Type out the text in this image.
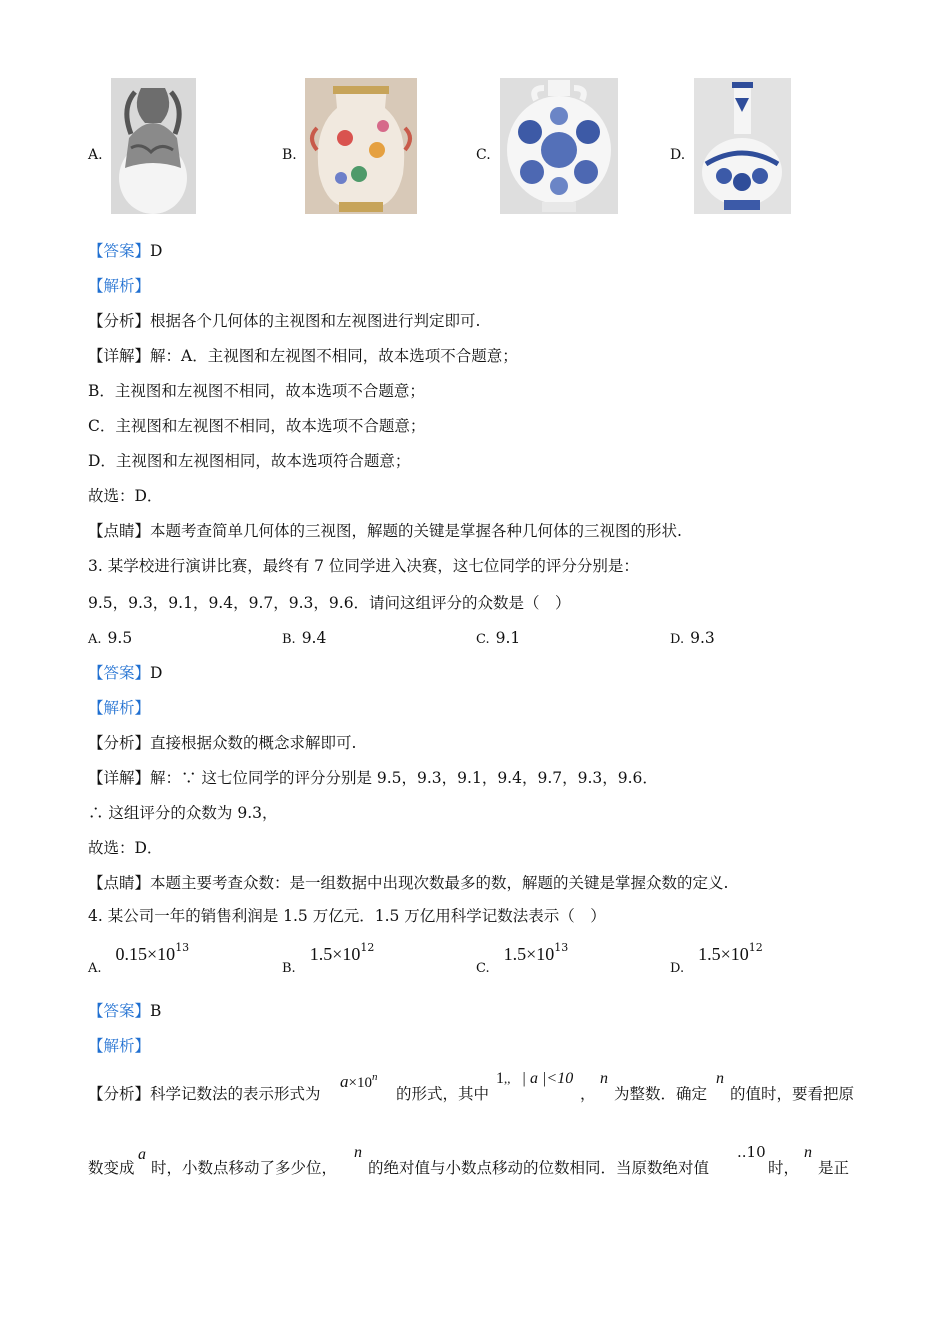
A.	B.	C.	D.
【答案】D
【解析】
【分析】根据各个几何体的主视图和左视图进行判定即可.
【详解】解：A．主视图和左视图不相同，故本选项不合题意；
B．主视图和左视图不相同，故本选项不合题意；
C．主视图和左视图不相同，故本选项不合题意；
D．主视图和左视图相同，故本选项符合题意；
故选：D．
【点睛】本题考查简单几何体的三视图，解题的关键是掌握各种几何体的三视图的形状.
3. 某学校进行演讲比赛，最终有 7 位同学进入决赛，这七位同学的评分分别是：
9.5，9.3，9.1，9.4，9.7，9.3，9.6．请问这组评分的众数是（　）
A. 9.5	B. 9.4	C. 9.1	D. 9.3
【答案】D
【解析】
【分析】直接根据众数的概念求解即可.
【详解】解：∵ 这七位同学的评分分别是 9.5，9.3，9.1，9.4，9.7，9.3，9.6．
∴ 这组评分的众数为 9.3，
故选：D．
【点睛】本题主要考查众数：是一组数据中出现次数最多的数，解题的关键是掌握众数的定义.
4. 某公司一年的销售利润是 1.5 万亿元．1.5 万亿用科学记数法表示（　）
$A.0.15\times 10^{13}$
$B.1.5\times 10^{12}$
$C.1.5\times 10^{13}$
$D.1.5\times 10^{12}$
【答案】B
【解析】
【分析】科学记数法的表示形式为
$a\times 10^n$
的形式，其中
1,, | a |<10
，
n
为整数．确定
n
的值时，要看把原
数变成
a
时，小数点移动了多少位，
n
的绝对值与小数点移动的位数相同．当原数绝对值
..10
时，
n
是正
